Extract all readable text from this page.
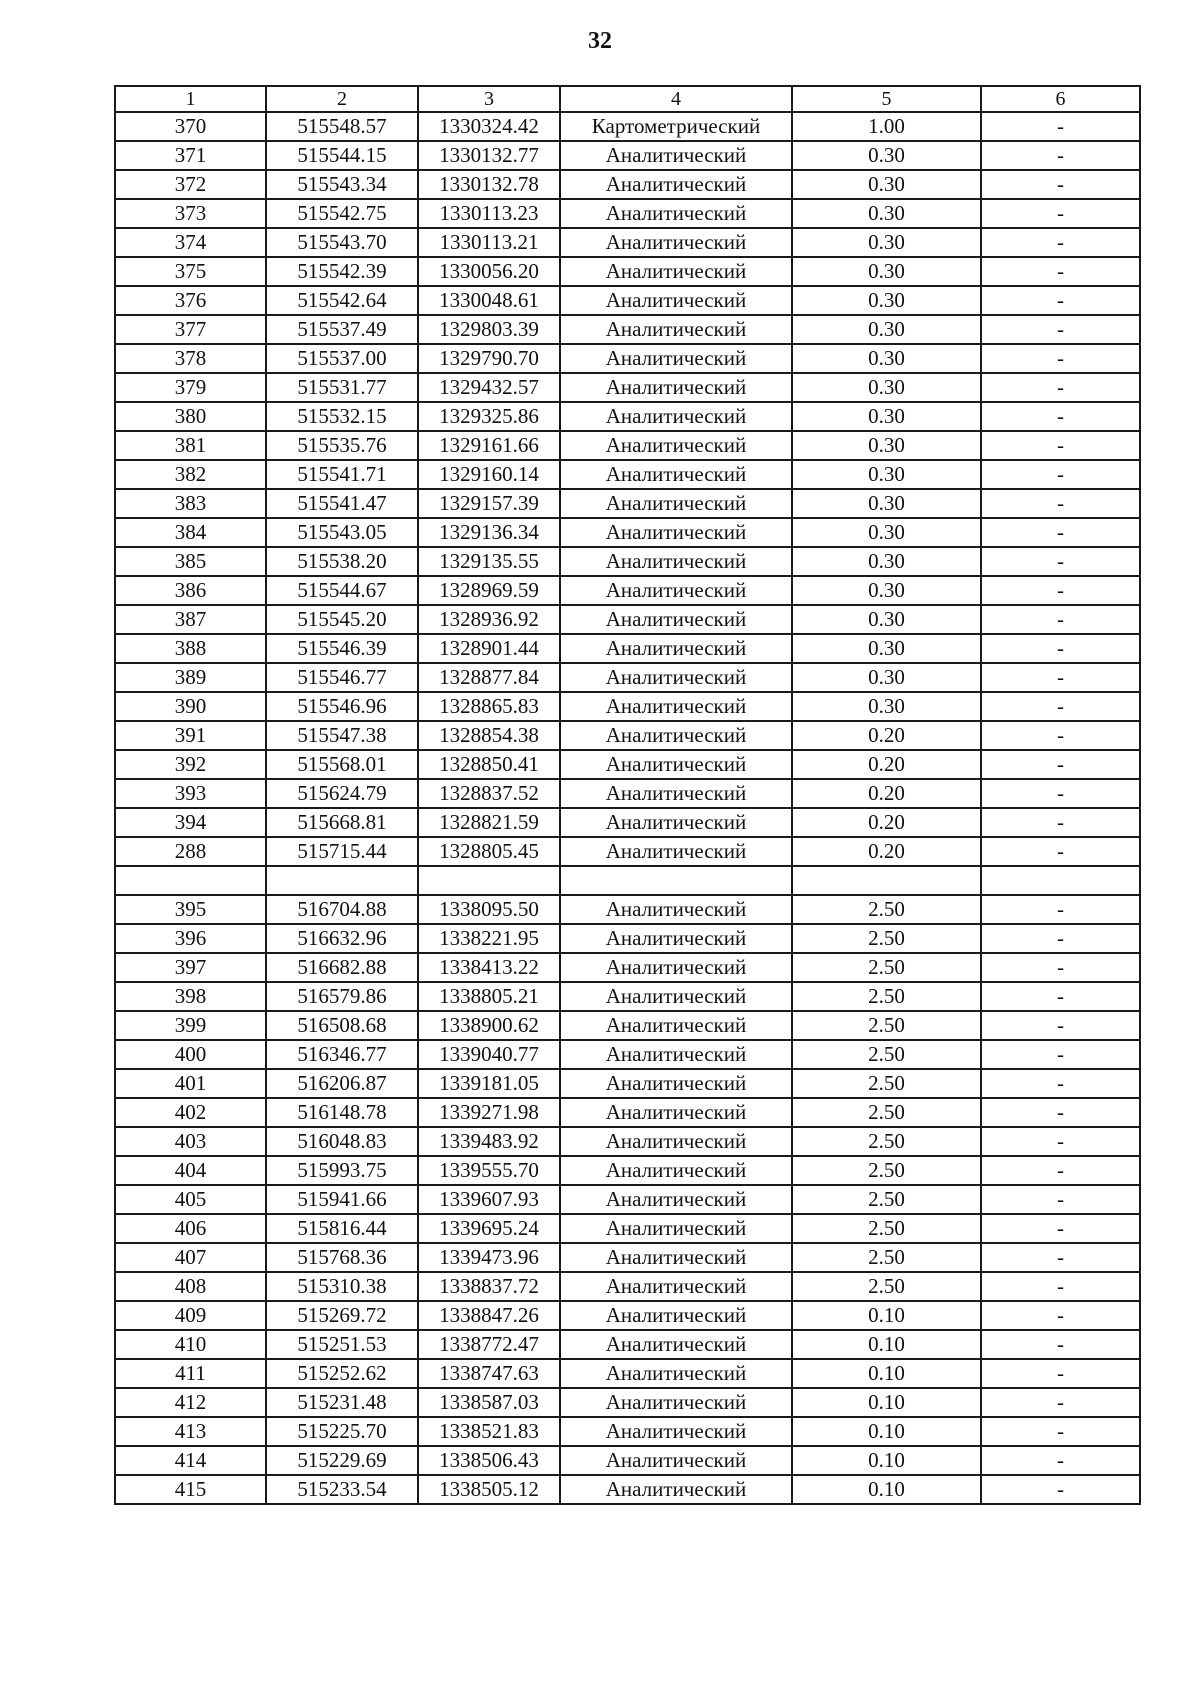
32
1	2	3	4	5	6
370	515548.57	1330324.42	Картометрический	1.00	-
371	515544.15	1330132.77	Аналитический	0.30	-
372	515543.34	1330132.78	Аналитический	0.30	-
373	515542.75	1330113.23	Аналитический	0.30	-
374	515543.70	1330113.21	Аналитический	0.30	-
375	515542.39	1330056.20	Аналитический	0.30	-
376	515542.64	1330048.61	Аналитический	0.30	-
377	515537.49	1329803.39	Аналитический	0.30	-
378	515537.00	1329790.70	Аналитический	0.30	-
379	515531.77	1329432.57	Аналитический	0.30	-
380	515532.15	1329325.86	Аналитический	0.30	-
381	515535.76	1329161.66	Аналитический	0.30	-
382	515541.71	1329160.14	Аналитический	0.30	-
383	515541.47	1329157.39	Аналитический	0.30	-
384	515543.05	1329136.34	Аналитический	0.30	-
385	515538.20	1329135.55	Аналитический	0.30	-
386	515544.67	1328969.59	Аналитический	0.30	-
387	515545.20	1328936.92	Аналитический	0.30	-
388	515546.39	1328901.44	Аналитический	0.30	-
389	515546.77	1328877.84	Аналитический	0.30	-
390	515546.96	1328865.83	Аналитический	0.30	-
391	515547.38	1328854.38	Аналитический	0.20	-
392	515568.01	1328850.41	Аналитический	0.20	-
393	515624.79	1328837.52	Аналитический	0.20	-
394	515668.81	1328821.59	Аналитический	0.20	-
288	515715.44	1328805.45	Аналитический	0.20	-

395	516704.88	1338095.50	Аналитический	2.50	-
396	516632.96	1338221.95	Аналитический	2.50	-
397	516682.88	1338413.22	Аналитический	2.50	-
398	516579.86	1338805.21	Аналитический	2.50	-
399	516508.68	1338900.62	Аналитический	2.50	-
400	516346.77	1339040.77	Аналитический	2.50	-
401	516206.87	1339181.05	Аналитический	2.50	-
402	516148.78	1339271.98	Аналитический	2.50	-
403	516048.83	1339483.92	Аналитический	2.50	-
404	515993.75	1339555.70	Аналитический	2.50	-
405	515941.66	1339607.93	Аналитический	2.50	-
406	515816.44	1339695.24	Аналитический	2.50	-
407	515768.36	1339473.96	Аналитический	2.50	-
408	515310.38	1338837.72	Аналитический	2.50	-
409	515269.72	1338847.26	Аналитический	0.10	-
410	515251.53	1338772.47	Аналитический	0.10	-
411	515252.62	1338747.63	Аналитический	0.10	-
412	515231.48	1338587.03	Аналитический	0.10	-
413	515225.70	1338521.83	Аналитический	0.10	-
414	515229.69	1338506.43	Аналитический	0.10	-
415	515233.54	1338505.12	Аналитический	0.10	-
